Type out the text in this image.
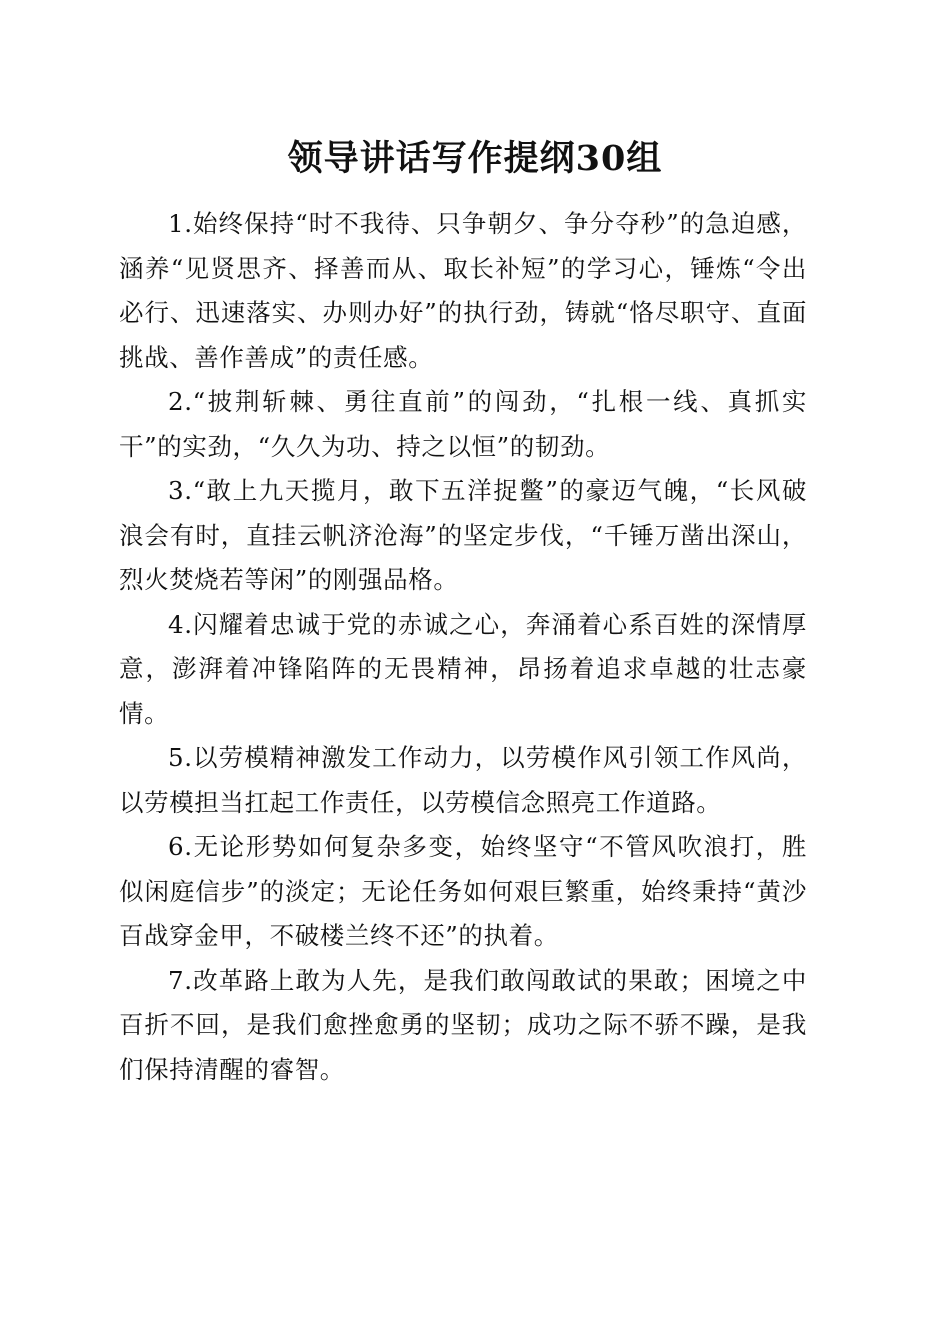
领导讲话写作提纲30组

1.始终保持“时不我待、只争朝夕、争分夺秒”的急迫感，涵养“见贤思齐、择善而从、取长补短”的学习心，锤炼“令出必行、迅速落实、办则办好”的执行劲，铸就“恪尽职守、直面挑战、善作善成”的责任感。

2.“披荆斩棘、勇往直前”的闯劲，“扎根一线、真抓实干”的实劲，“久久为功、持之以恒”的韧劲。

3.“敢上九天揽月，敢下五洋捉鳖”的豪迈气魄，“长风破浪会有时，直挂云帆济沧海”的坚定步伐，“千锤万凿出深山，烈火焚烧若等闲”的刚强品格。

4.闪耀着忠诚于党的赤诚之心，奔涌着心系百姓的深情厚意，澎湃着冲锋陷阵的无畏精神，昂扬着追求卓越的壮志豪情。

5.以劳模精神激发工作动力，以劳模作风引领工作风尚，以劳模担当扛起工作责任，以劳模信念照亮工作道路。

6.无论形势如何复杂多变，始终坚守“不管风吹浪打，胜似闲庭信步”的淡定；无论任务如何艰巨繁重，始终秉持“黄沙百战穿金甲，不破楼兰终不还”的执着。

7.改革路上敢为人先，是我们敢闯敢试的果敢；困境之中百折不回，是我们愈挫愈勇的坚韧；成功之际不骄不躁，是我们保持清醒的睿智。
